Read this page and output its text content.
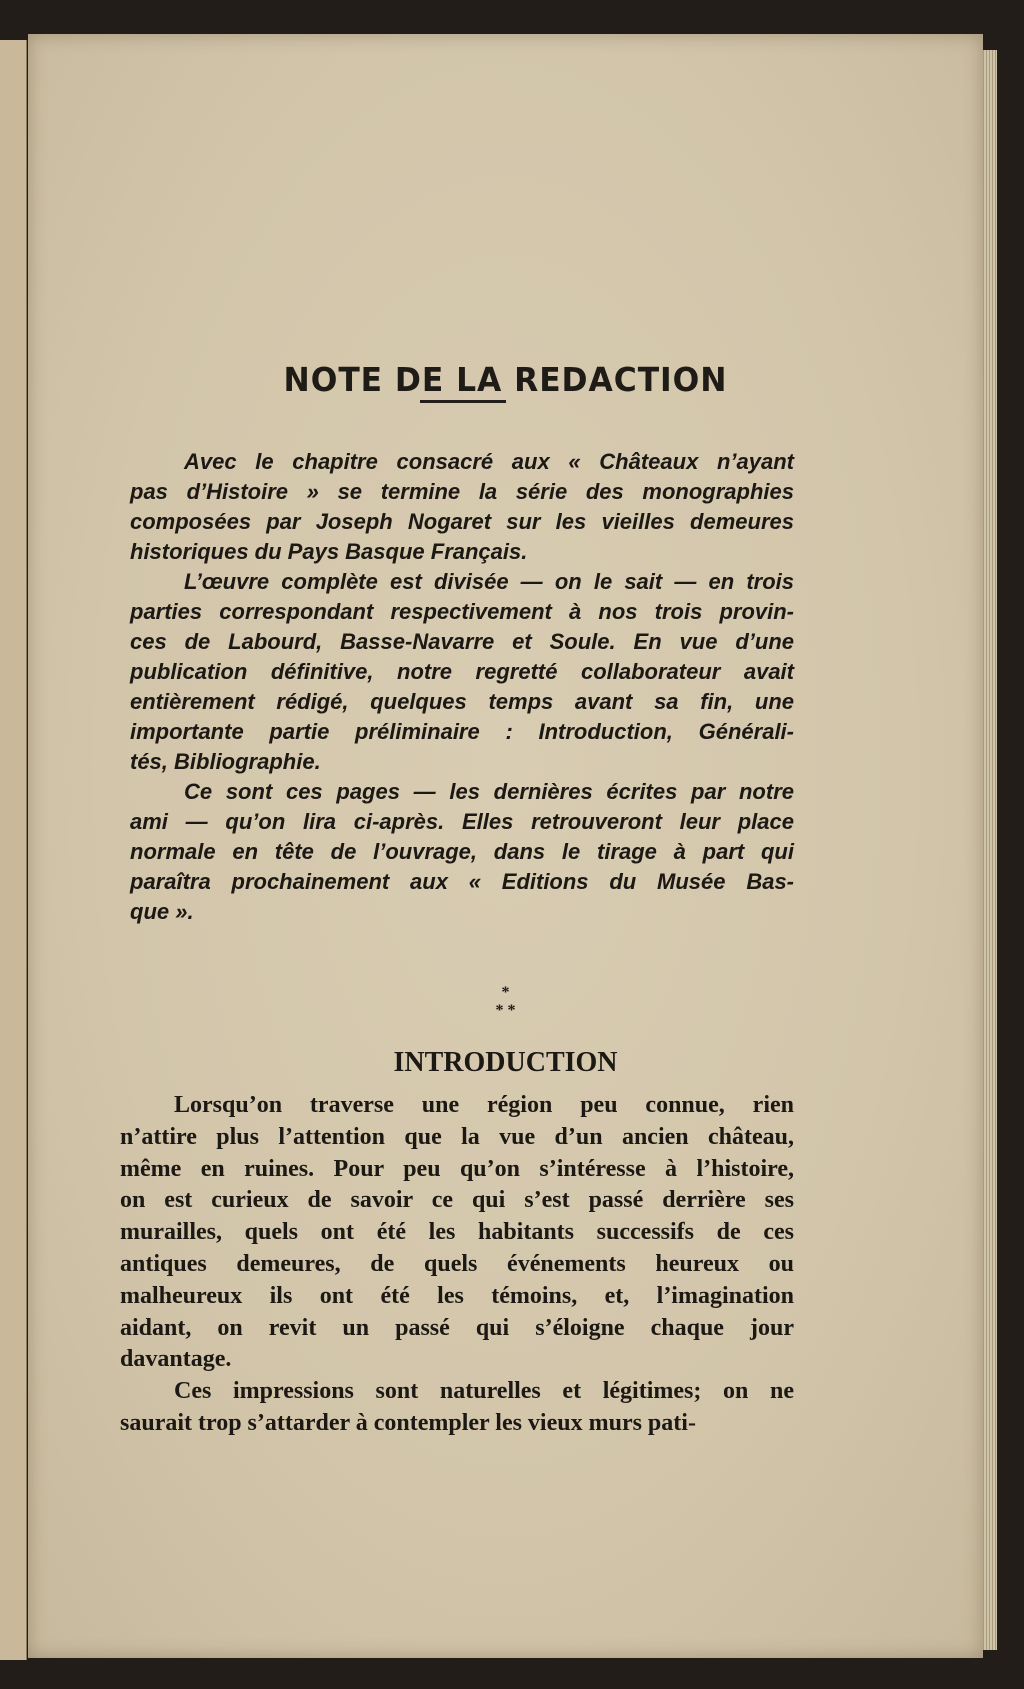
NOTE DE LA REDACTION
Avec le chapitre consacré aux « Châteaux n’ayant
pas d’Histoire » se termine la série des monographies
composées par Joseph Nogaret sur les vieilles demeures
historiques du Pays Basque Français.
L’œuvre complète est divisée — on le sait — en trois
parties correspondant respectivement à nos trois provin-
ces de Labourd, Basse-Navarre et Soule. En vue d’une
publication définitive, notre regretté collaborateur avait
entièrement rédigé, quelques temps avant sa fin, une
importante partie préliminaire : Introduction, Générali-
tés, Bibliographie.
Ce sont ces pages — les dernières écrites par notre
ami — qu’on lira ci-après. Elles retrouveront leur place
normale en tête de l’ouvrage, dans le tirage à part qui
paraîtra prochainement aux « Editions du Musée Bas-
que ».
*
* *
INTRODUCTION
Lorsqu’on traverse une région peu connue, rien
n’attire plus l’attention que la vue d’un ancien château,
même en ruines. Pour peu qu’on s’intéresse à l’histoire,
on est curieux de savoir ce qui s’est passé derrière ses
murailles, quels ont été les habitants successifs de ces
antiques demeures, de quels événements heureux ou
malheureux ils ont été les témoins, et, l’imagination
aidant, on revit un passé qui s’éloigne chaque jour
davantage.
Ces impressions sont naturelles et légitimes; on ne
saurait trop s’attarder à contempler les vieux murs pati-
